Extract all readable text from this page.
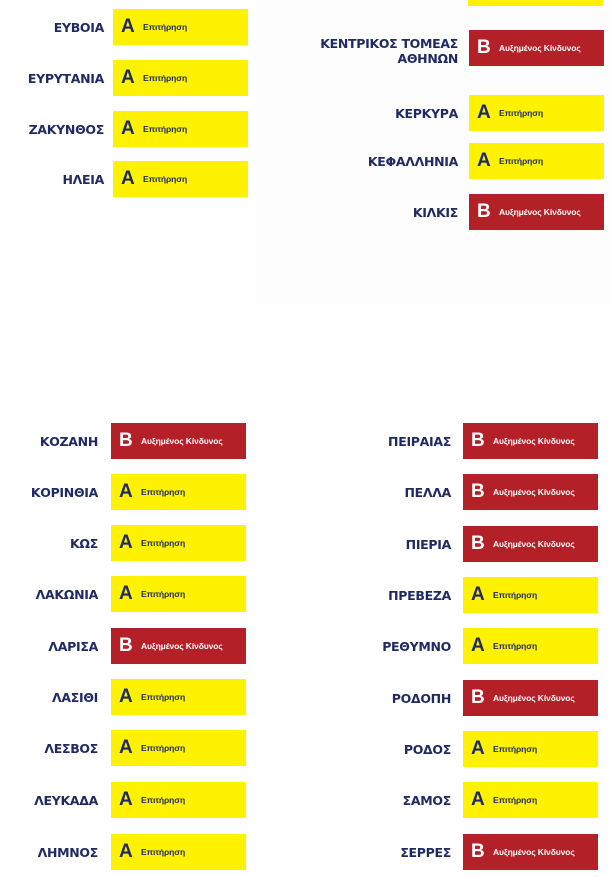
ΕΥΒΟΙΑ Α Επιτήρηση
ΕΥΡΥΤΑΝΙΑ Α Επιτήρηση
ΖΑΚΥΝΘΟΣ Α Επιτήρηση
ΗΛΕΙΑ Α Επιτήρηση
ΚΕΝΤΡΙΚΟΣ ΤΟΜΕΑΣ
ΑΘΗΝΩΝ
Β Αυξημένος Κίνδυνος
ΚΕΡΚΥΡΑ Α Επιτήρηση
ΚΕΦΑΛΛΗΝΙΑ Α Επιτήρηση
ΚΙΛΚΙΣ Β Αυξημένος Κίνδυνος
ΚΟΖΑΝΗ Β Αυξημένος Κίνδυνος
ΚΟΡΙΝΘΙΑ Α Επιτήρηση
ΚΩΣ Α Επιτήρηση
ΛΑΚΩΝΙΑ Α Επιτήρηση
ΛΑΡΙΣΑ Β Αυξημένος Κίνδυνος
ΛΑΣΙΘΙ Α Επιτήρηση
ΛΕΣΒΟΣ Α Επιτήρηση
ΛΕΥΚΑΔΑ Α Επιτήρηση
ΛΗΜΝΟΣ Α Επιτήρηση
ΠΕΙΡΑΙΑΣ Β Αυξημένος Κίνδυνος
ΠΕΛΛΑ Β Αυξημένος Κίνδυνος
ΠΙΕΡΙΑ Β Αυξημένος Κίνδυνος
ΠΡΕΒΕΖΑ Α Επιτήρηση
ΡΕΘΥΜΝΟ Α Επιτήρηση
ΡΟΔΟΠΗ Β Αυξημένος Κίνδυνος
ΡΟΔΟΣ Α Επιτήρηση
ΣΑΜΟΣ Α Επιτήρηση
ΣΕΡΡΕΣ Β Αυξημένος Κίνδυνος
